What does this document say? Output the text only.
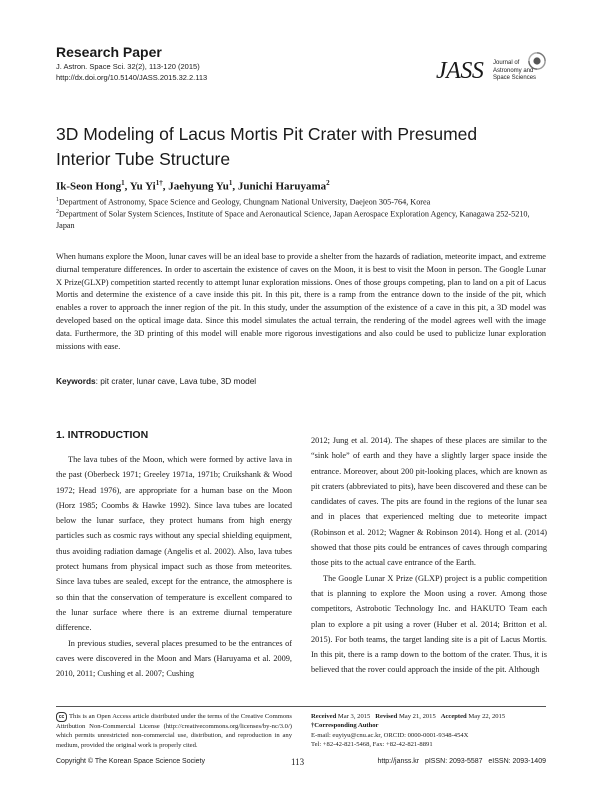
Research Paper
J. Astron. Space Sci. 32(2), 113-120 (2015)
http://dx.doi.org/10.5140/JASS.2015.32.2.113	JASS Journal of
Astronomy and
Space Sciences
3D Modeling of Lacus Mortis Pit Crater with Presumed
Interior Tube Structure
Ik-Seon Hong$^1$, Yu $Yi^{1\dagger}$, Jaehyung Yu$^1$, Junichi Haruyama$^2$
$^1$Department of Astronomy, Space Science and Geology, Chungnam National University, Daejeon 305-764, Korea
$^2$Department of Solar System Sciences, Institute of Space and Aeronautical Science, Japan Aerospace Exploration Agency, Kanagawa 252-5210, Japan
When humans explore the Moon, lunar caves will be an ideal base to provide a shelter from the hazards of radiation, meteorite impact, and extreme diurnal temperature differences. In order to ascertain the existence of caves on the Moon, it is best to visit the Moon in person. The Google Lunar X Prize(GLXP) competition started recently to attempt lunar exploration missions. Ones of those groups competing, plan to land on a pit of Lacus Mortis and determine the existence of a cave inside this pit. In this pit, there is a ramp from the entrance down to the inside of the pit, which enables a rover to approach the inner region of the pit. In this study, under the assumption of the existence of a cave in this pit, a 3D model was developed based on the optical image data. Since this model simulates the actual terrain, the rendering of the model agrees well with the image data. Furthermore, the 3D printing of this model will enable more rigorous investigations and also could be used to publicize lunar exploration missions with ease.
Keywords: pit crater, lunar cave, Lava tube, 3D model
1. INTRODUCTION

The lava tubes of the Moon, which were formed by active lava in the past (Oberbeck 1971; Greeley 1971a, 1971b; Cruikshank & Wood 1972; Head 1976), are appropriate for a human base on the Moon (Horz 1985; Coombs & Hawke 1992). Since lava tubes are located below the lunar surface, they protect humans from high energy particles such as cosmic rays without any special shielding equipment, thus avoiding radiation damage (Angelis et al. 2002). Also, lava tubes protect humans from physical impact such as those from meteorites. Since lava tubes are sealed, except for the entrance, the atmosphere is so thin that the conservation of temperature is excellent compared to the lunar surface where there is an extreme diurnal temperature difference.

In previous studies, several places presumed to be the entrances of caves were discovered in the Moon and Mars (Haruyama et al. 2009, 2010, 2011; Cushing et al. 2007; Cushing

2012; Jung et al. 2014). The shapes of these places are similar to the “sink hole” of earth and they have a slightly larger space inside the entrance. Moreover, about 200 pit-looking places, which are known as pit craters (abbreviated to pits), have been discovered and these can be candidates of caves. The pits are found in the regions of the lunar sea and in places that experienced melting due to meteorite impact (Robinson et al. 2012; Wagner & Robinson 2014). Hong et al. (2014) showed that those pits could be entrances of caves through comparing those pits to the actual cave entrance of the Earth.

The Google Lunar X Prize (GLXP) project is a public competition that is planning to explore the Moon using a rover. Among those competitors, Astrobotic Technology Inc. and HAKUTO Team each plan to explore a pit using a rover (Huber et al. 2014; Britton et al. 2015). For both teams, the target landing site is a pit of Lacus Mortis. In this pit, there is a ramp down to the bottom of the crater. Thus, it is believed that the rover could approach the inside of the pit. Although

cc This is an Open Access article distributed under the terms of the Creative Commons Attribution Non-Commercial License (http://creativecommons.org/licenses/by-nc/3.0/) which permits unrestricted non-commercial use, distribution, and reproduction in any medium, provided the original work is properly cited.
Received Mar 3, 2015 Revised May 21, 2015 Accepted May 22, 2015
†Corresponding Author
E-mail: euyiyu@cnu.ac.kr, ORCID: 0000-0001-9348-454X
Tel: +82-42-821-5468, Fax: +82-42-821-8891
Copyright © The Korean Space Science Society	113	http://janss.kr   pISSN: 2093-5587   eISSN: 2093-1409
